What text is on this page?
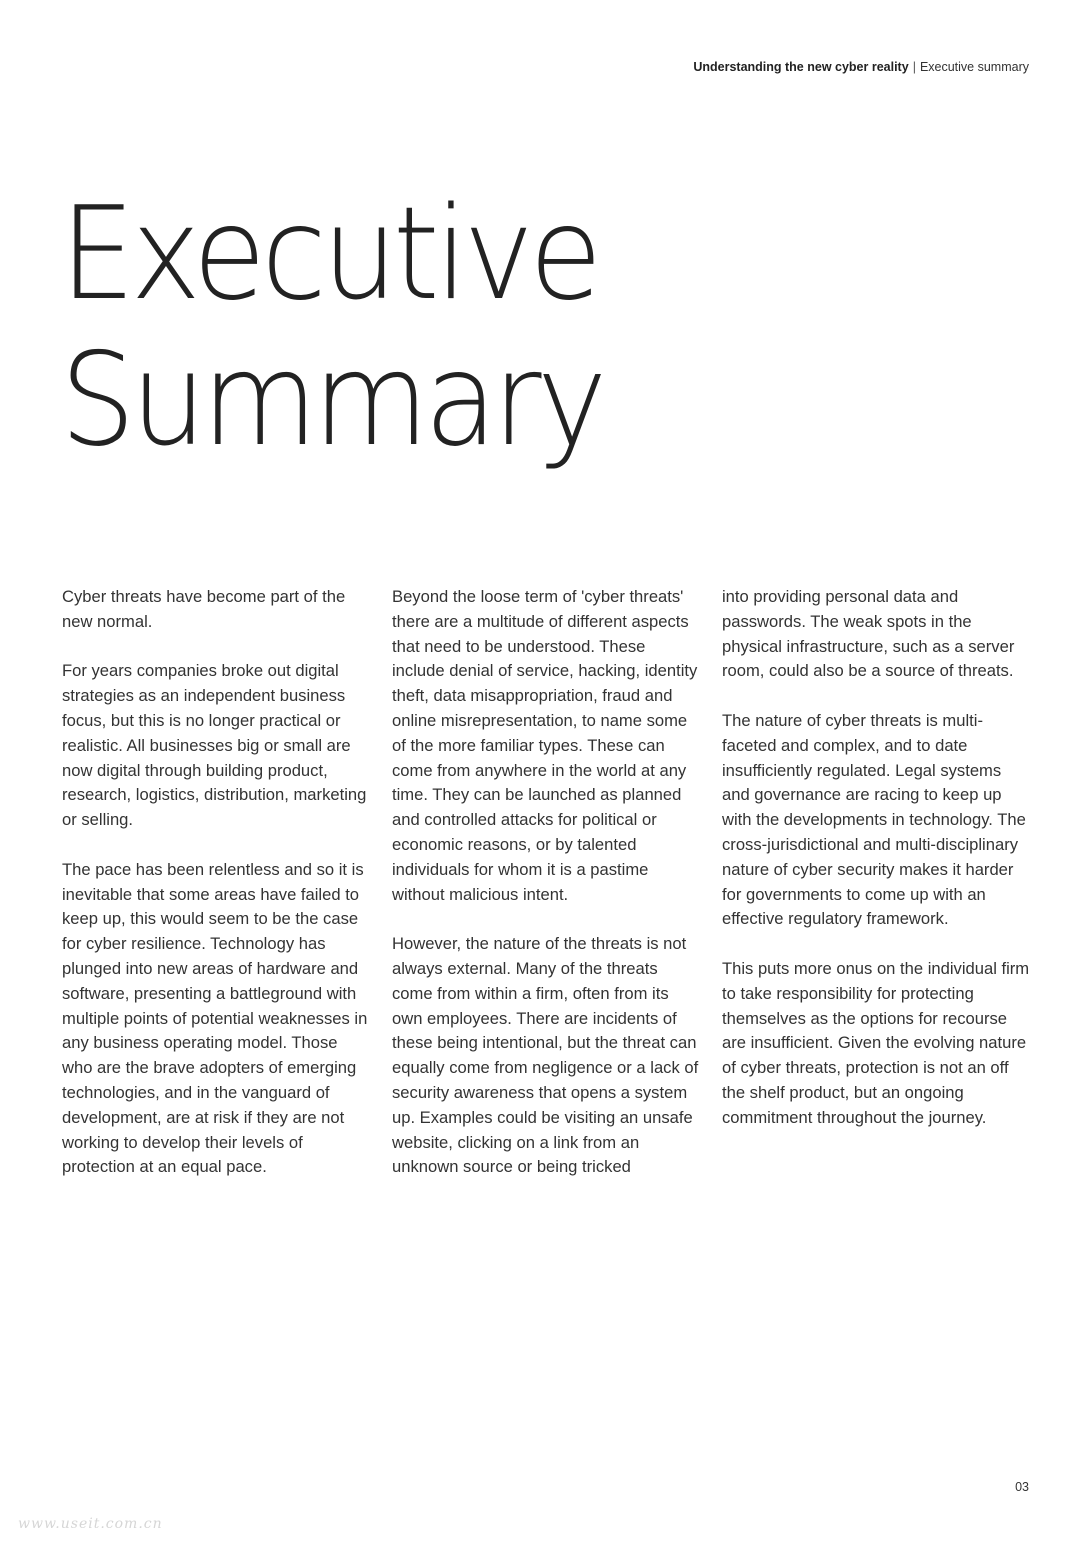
Understanding the new cyber reality | Executive summary
Executive
Summary

Cyber threats have become part of the new normal.

For years companies broke out digital strategies as an independent business focus, but this is no longer practical or realistic. All businesses big or small are now digital through building product, research, logistics, distribution, marketing or selling.

The pace has been relentless and so it is inevitable that some areas have failed to keep up, this would seem to be the case for cyber resilience. Technology has plunged into new areas of hardware and software, presenting a battleground with multiple points of potential weaknesses in any business operating model. Those who are the brave adopters of emerging technologies, and in the vanguard of development, are at risk if they are not working to develop their levels of protection at an equal pace.

Beyond the loose term of 'cyber threats' there are a multitude of different aspects that need to be understood. These include denial of service, hacking, identity theft, data misappropriation, fraud and online misrepresentation, to name some of the more familiar types. These can come from anywhere in the world at any time. They can be launched as planned and controlled attacks for political or economic reasons, or by talented individuals for whom it is a pastime without malicious intent.

However, the nature of the threats is not always external. Many of the threats come from within a firm, often from its own employees. There are incidents of these being intentional, but the threat can equally come from negligence or a lack of security awareness that opens a system up. Examples could be visiting an unsafe website, clicking on a link from an unknown source or being tricked

into providing personal data and passwords. The weak spots in the physical infrastructure, such as a server room, could also be a source of threats.

The nature of cyber threats is multi-faceted and complex, and to date insufficiently regulated. Legal systems and governance are racing to keep up with the developments in technology. The cross-jurisdictional and multi-disciplinary nature of cyber security makes it harder for governments to come up with an effective regulatory framework.

This puts more onus on the individual firm to take responsibility for protecting themselves as the options for recourse are insufficient. Given the evolving nature of cyber threats, protection is not an off the shelf product, but an ongoing commitment throughout the journey.

03
www.useit.com.cn
